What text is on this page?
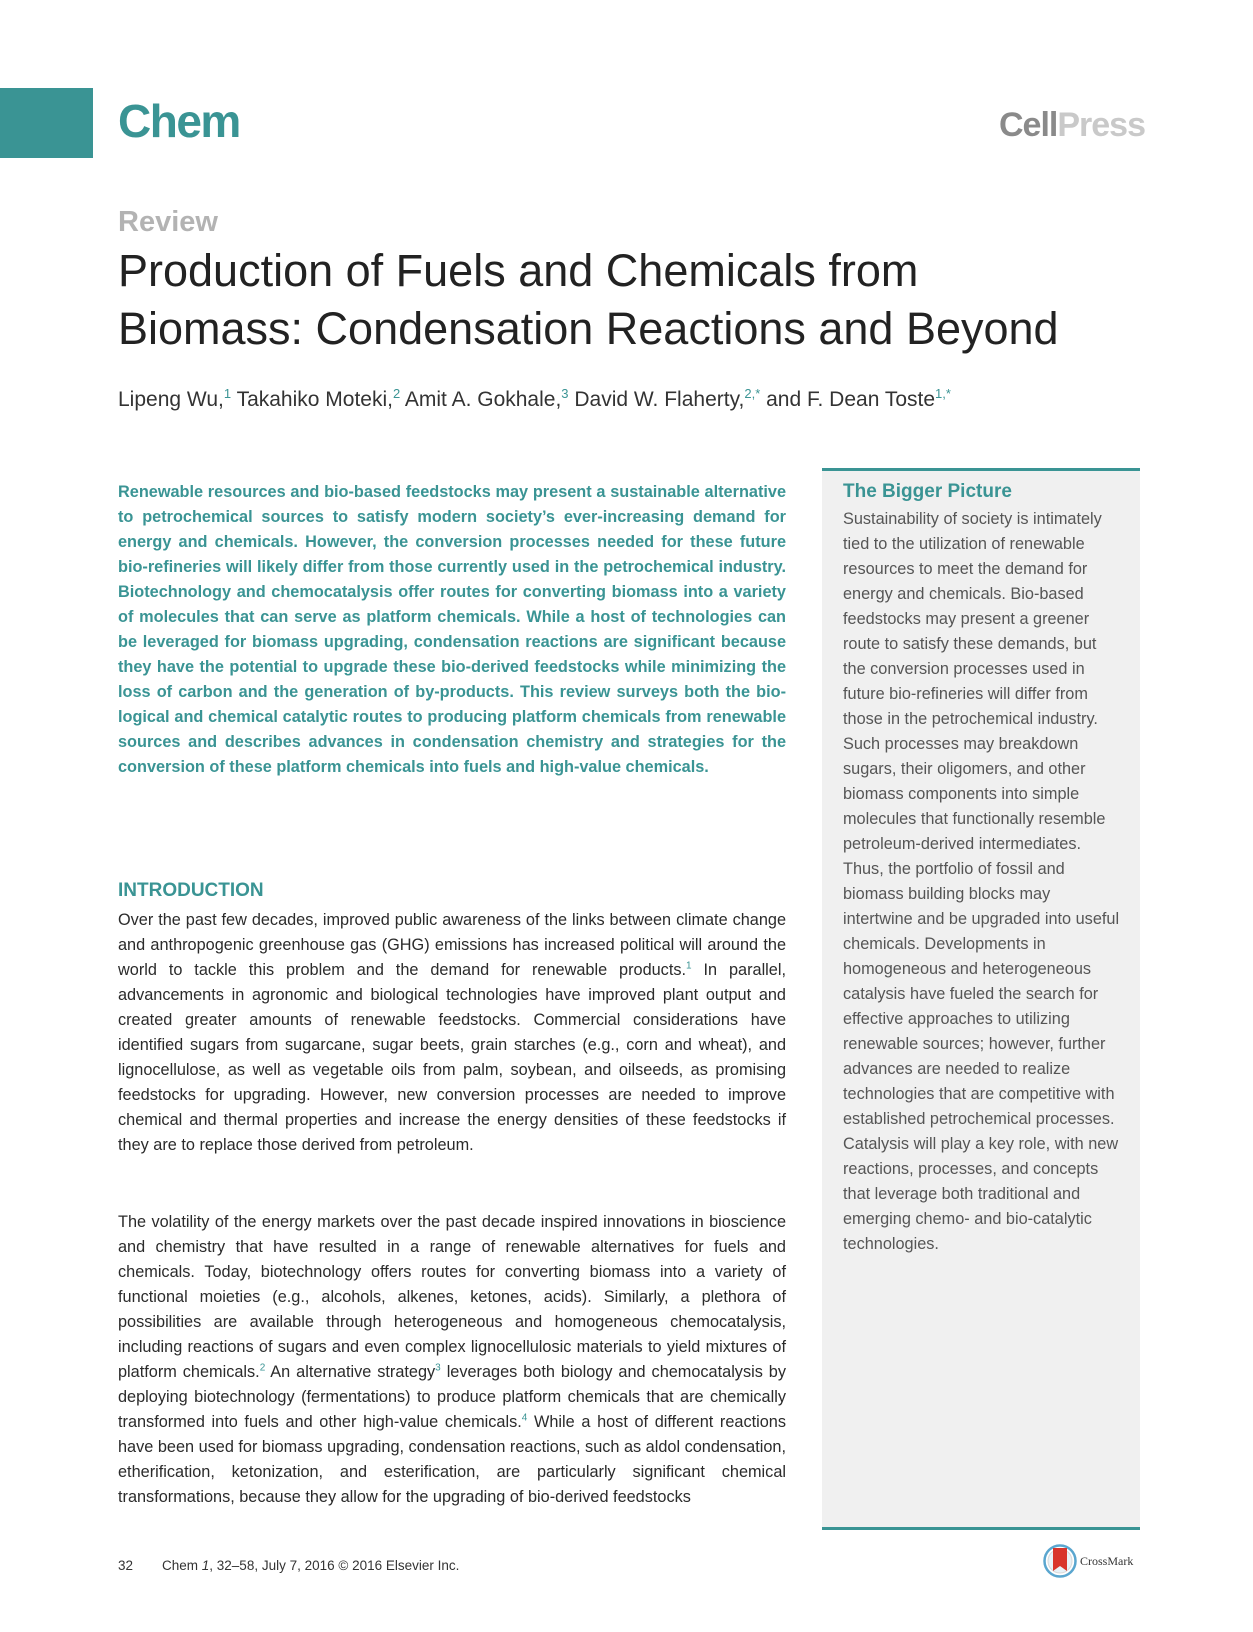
Chem	CellPress
Review
Production of Fuels and Chemicals from
Biomass: Condensation Reactions and Beyond
Lipeng Wu,$^1$ Takahiko Moteki,$^2$ Amit A. Gokhale,$^3$ David W. Flaherty,$^{2,*}$ and F. Dean Toste$^{1,*}$
Renewable resources and bio-based feedstocks may present a sustainable alternative to petrochemical sources to satisfy modern society’s ever-increasing demand for energy and chemicals. However, the conversion processes needed for these future bio-refineries will likely differ from those currently used in the petrochemical industry. Biotechnology and chemocatalysis offer routes for converting biomass into a variety of molecules that can serve as platform chemicals. While a host of technologies can be leveraged for biomass upgrading, condensation reactions are significant because they have the potential to upgrade these bio-derived feedstocks while minimizing the loss of carbon and the generation of by-products. This review surveys both the biological and chemical catalytic routes to producing platform chemicals from renewable sources and describes advances in condensation chemistry and strategies for the conversion of these platform chemicals into fuels and high-value chemicals.
INTRODUCTION
Over the past few decades, improved public awareness of the links between climate change and anthropogenic greenhouse gas (GHG) emissions has increased political will around the world to tackle this problem and the demand for renewable products.$^1$ In parallel, advancements in agronomic and biological technologies have improved plant output and created greater amounts of renewable feedstocks. Commercial considerations have identified sugars from sugarcane, sugar beets, grain starches (e.g., corn and wheat), and lignocellulose, as well as vegetable oils from palm, soybean, and oilseeds, as promising feedstocks for upgrading. However, new conversion processes are needed to improve chemical and thermal properties and increase the energy densities of these feedstocks if they are to replace those derived from petroleum.
The volatility of the energy markets over the past decade inspired innovations in bioscience and chemistry that have resulted in a range of renewable alternatives for fuels and chemicals. Today, biotechnology offers routes for converting biomass into a variety of functional moieties (e.g., alcohols, alkenes, ketones, acids). Similarly, a plethora of possibilities are available through heterogeneous and homogeneous chemocatalysis, including reactions of sugars and even complex lignocellulosic materials to yield mixtures of platform chemicals.$^2$ An alternative strategy$^3$ leverages both biology and chemocatalysis by deploying biotechnology (fermentations) to produce platform chemicals that are chemically transformed into fuels and other high-value chemicals.$^4$ While a host of different reactions have been used for biomass upgrading, condensation reactions, such as aldol condensation, etherification, ketonization, and esterification, are particularly significant chemical transformations, because they allow for the upgrading of bio-derived feedstocks
The Bigger Picture
Sustainability of society is intimately tied to the utilization of renewable resources to meet the demand for energy and chemicals. Bio-based feedstocks may present a greener route to satisfy these demands, but the conversion processes used in future bio-refineries will differ from those in the petrochemical industry. Such processes may breakdown sugars, their oligomers, and other biomass components into simple molecules that functionally resemble petroleum-derived intermediates. Thus, the portfolio of fossil and biomass building blocks may intertwine and be upgraded into useful chemicals. Developments in homogeneous and heterogeneous catalysis have fueled the search for effective approaches to utilizing renewable sources; however, further advances are needed to realize technologies that are competitive with established petrochemical processes. Catalysis will play a key role, with new reactions, processes, and concepts that leverage both traditional and emerging chemo- and bio-catalytic technologies.
32 Chem 1, 32–58, July 7, 2016 © 2016 Elsevier Inc.	CrossMark
